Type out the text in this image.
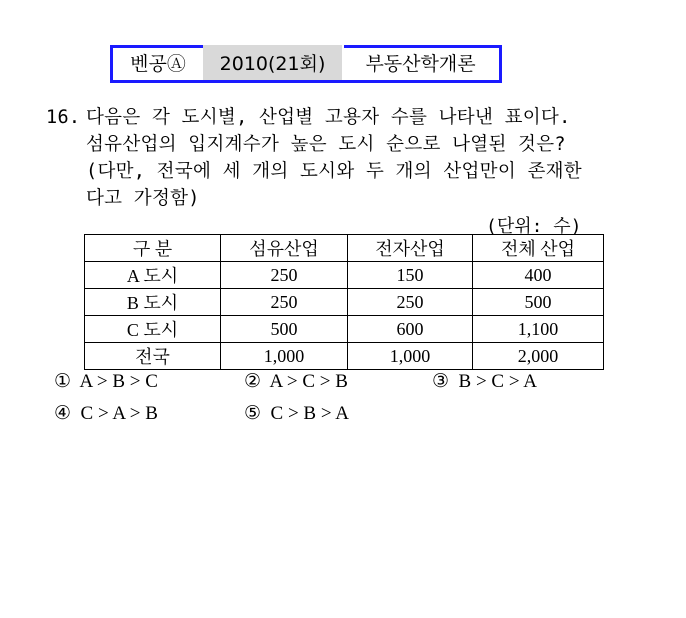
벤공Ⓐ	2010(21회)	부동산학개론
16. 다음은 각 도시별, 산업별 고용자 수를 나타낸 표이다.
섬유산업의 입지계수가 높은 도시 순으로 나열된 것은?
(다만, 전국에 세 개의 도시와 두 개의 산업만이 존재한
다고 가정함)
(단위: 수)
구 분	섬유산업	전자산업	전체 산업
A 도시	250	150	400
B 도시	250	250	500
C 도시	500	600	1,100
전국	1,000	1,000	2,000
① A > B > C	② A > C > B	③ B > C > A
④ C > A > B	⑤ C > B > A
